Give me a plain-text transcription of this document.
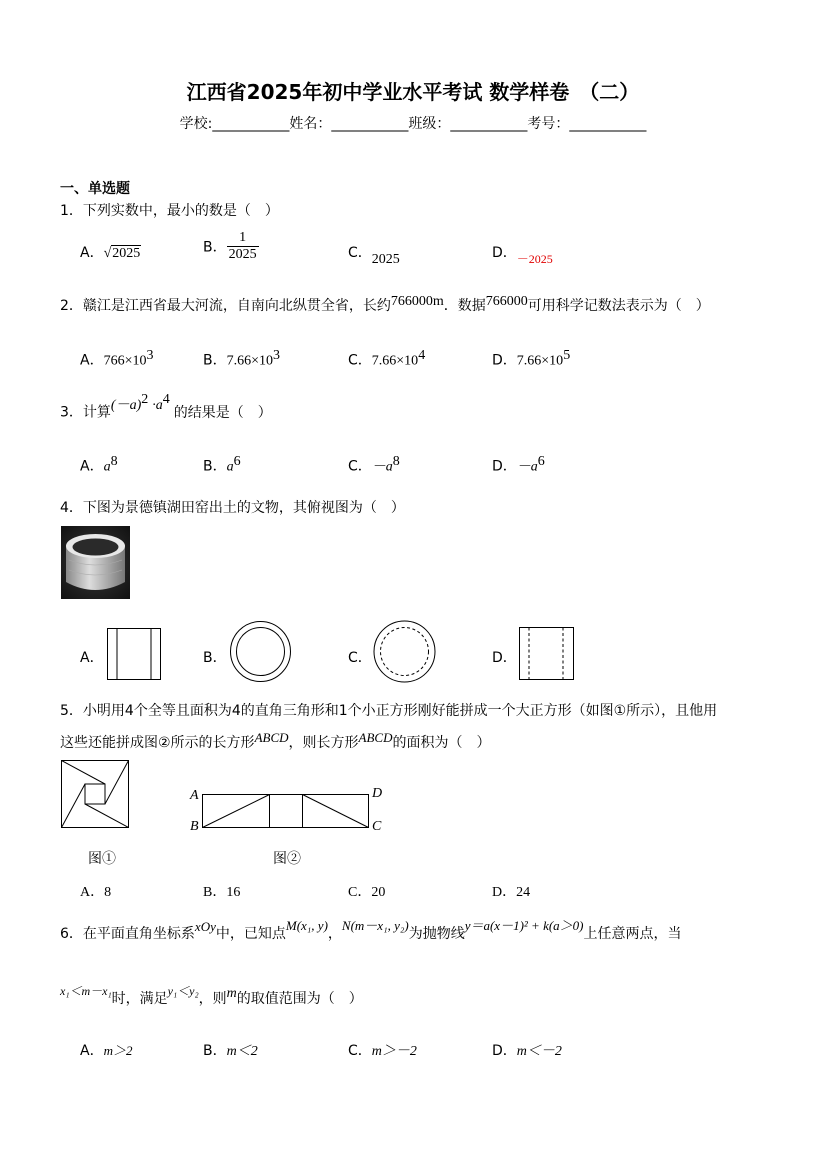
江西省2025年初中学业水平考试 数学样卷　（二）
学校:___________姓名：___________班级：___________考号：___________
一、单选题
1．下列实数中，最小的数是（　）
A．√2025	B． $\frac{1}{2025}$	C．2025	D．－2025
2．赣江是江西省最大河流，自南向北纵贯全省，长约766000m．数据766000可用科学记数法表示为（　）
A．$766\times 10^3$	B．$7.66\times 10^3$	C．$7.66\times 10^4$	D．$7.66\times 10^5$
3．计算$(-a)^2 \cdot a^4$的结果是（　）
A．$a^8$	B．$a^6$	C．$-a^8$	D．$-a^6$
4．下图为景德镇湖田窑出土的文物，其俯视图为（　）
A．	B．	C．	D．
5．小明用4个全等且面积为4的直角三角形和1个小正方形刚好能拼成一个大正方形（如图①所示），且他用
这些还能拼成图②所示的长方形ABCD，则长方形ABCD的面积为（　）
图①
A
B
D
C
图②
A．8	B．16	C．20	D．24
6．在平面直角坐标系xOy中，已知点M(x₁, y)，N(m－x₁, y₂)为抛物线y＝a(x－1)² + k(a＞0)上任意两点，当
x₁＜m－x₁时，满足y₁＜y₂，则m的取值范围为（　）
A．m＞2	B．m＜2	C．m＞－2	D．m＜－2
